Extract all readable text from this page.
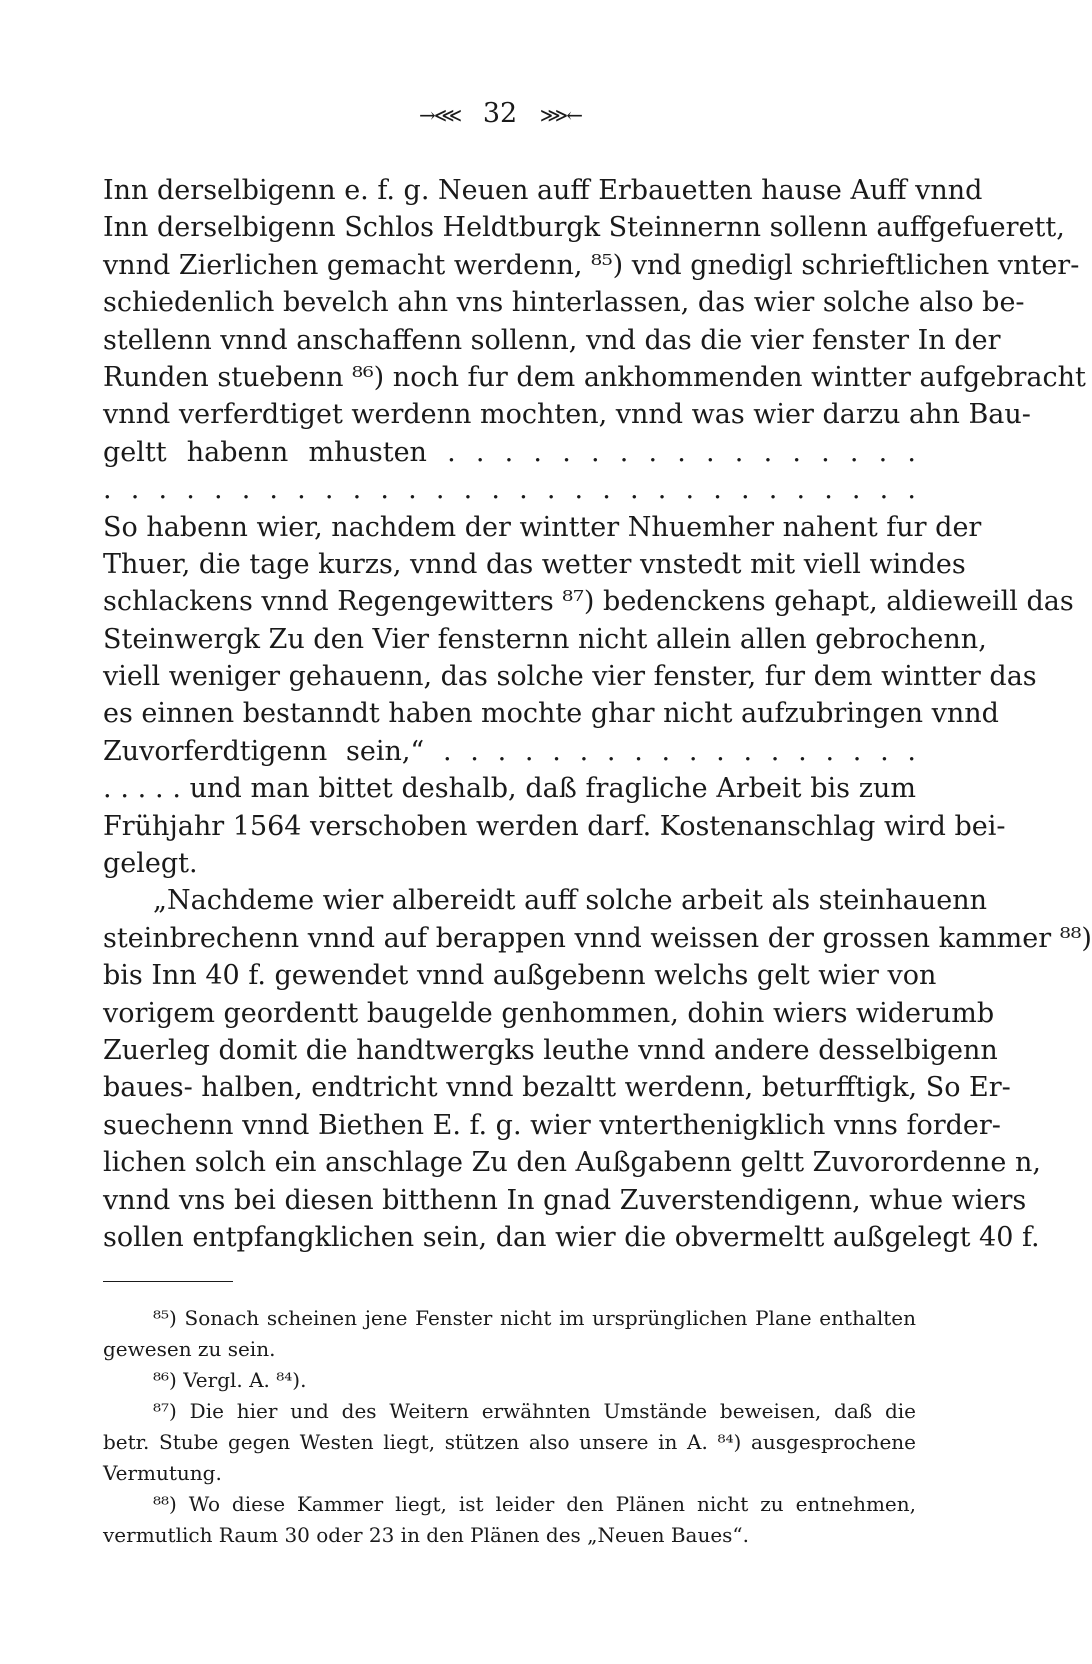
→⋘ 32 ⋙←
Inn derselbigenn e. f. g. Neuen auff Erbauetten hause Auff vnnd
Inn derselbigenn Schlos Heldtburgk Steinnernn sollenn auffgefuerett,
vnnd Zierlichen gemacht werdenn, ⁸⁵) vnd gnedigl schrieftlichen vnter-
schiedenlich bevelch ahn vns hinterlassen, das wier solche also be-
stellenn vnnd anschaffenn sollenn, vnd das die vier fenster In der
Runden stuebenn ⁸⁶) noch fur dem ankhommenden wintter aufgebracht
vnnd verferdtiget werdenn mochten, vnnd was wier darzu ahn Bau-
geltt habenn mhusten . . . . . . . . . . . . . . . . .
. . . . . . . . . . . . . . . . . . . . . . . . . . . . . .
So habenn wier, nachdem der wintter Nhuemher nahent fur der
Thuer, die tage kurzs, vnnd das wetter vnstedt mit viell windes
schlackens vnnd Regengewitters ⁸⁷) bedenckens gehapt, aldieweill das
Steinwergk Zu den Vier fensternn nicht allein allen gebrochenn,
viell weniger gehauenn, das solche vier fenster, fur dem wintter das
es einnen bestanndt haben mochte ghar nicht aufzubringen vnnd
Zuvorferdtigenn sein,“ . . . . . . . . . . . . . . . . . .
. . . . . und man bittet deshalb, daß fragliche Arbeit bis zum
Frühjahr 1564 verschoben werden darf. Kostenanschlag wird bei-
gelegt.
„Nachdeme wier albereidt auff solche arbeit als steinhauenn
steinbrechenn vnnd auf berappen vnnd weissen der grossen kammer ⁸⁸)
bis Inn 40 f. gewendet vnnd außgebenn welchs gelt wier von
vorigem geordentt baugelde genhommen, dohin wiers widerumb
Zuerleg domit die handtwergks leuthe vnnd andere desselbigenn
baues- halben, endtricht vnnd bezaltt werdenn, beturfftigk, So Er-
suechenn vnnd Biethen E. f. g. wier vnterthenigklich vnns forder-
lichen solch ein anschlage Zu den Außgabenn geltt Zuvorordenne n,
vnnd vns bei diesen bitthenn In gnad Zuverstendigenn, whue wiers
sollen entpfangklichen sein, dan wier die obvermeltt außgelegt 40 f.
⁸⁵) Sonach scheinen jene Fenster nicht im ursprünglichen Plane enthalten
gewesen zu sein.
⁸⁶) Vergl. A. ⁸⁴).
⁸⁷) Die hier und des Weitern erwähnten Umstände beweisen, daß die
betr. Stube gegen Westen liegt, stützen also unsere in A. ⁸⁴) ausgesprochene
Vermutung.
⁸⁸) Wo diese Kammer liegt, ist leider den Plänen nicht zu entnehmen,
vermutlich Raum 30 oder 23 in den Plänen des „Neuen Baues“.
